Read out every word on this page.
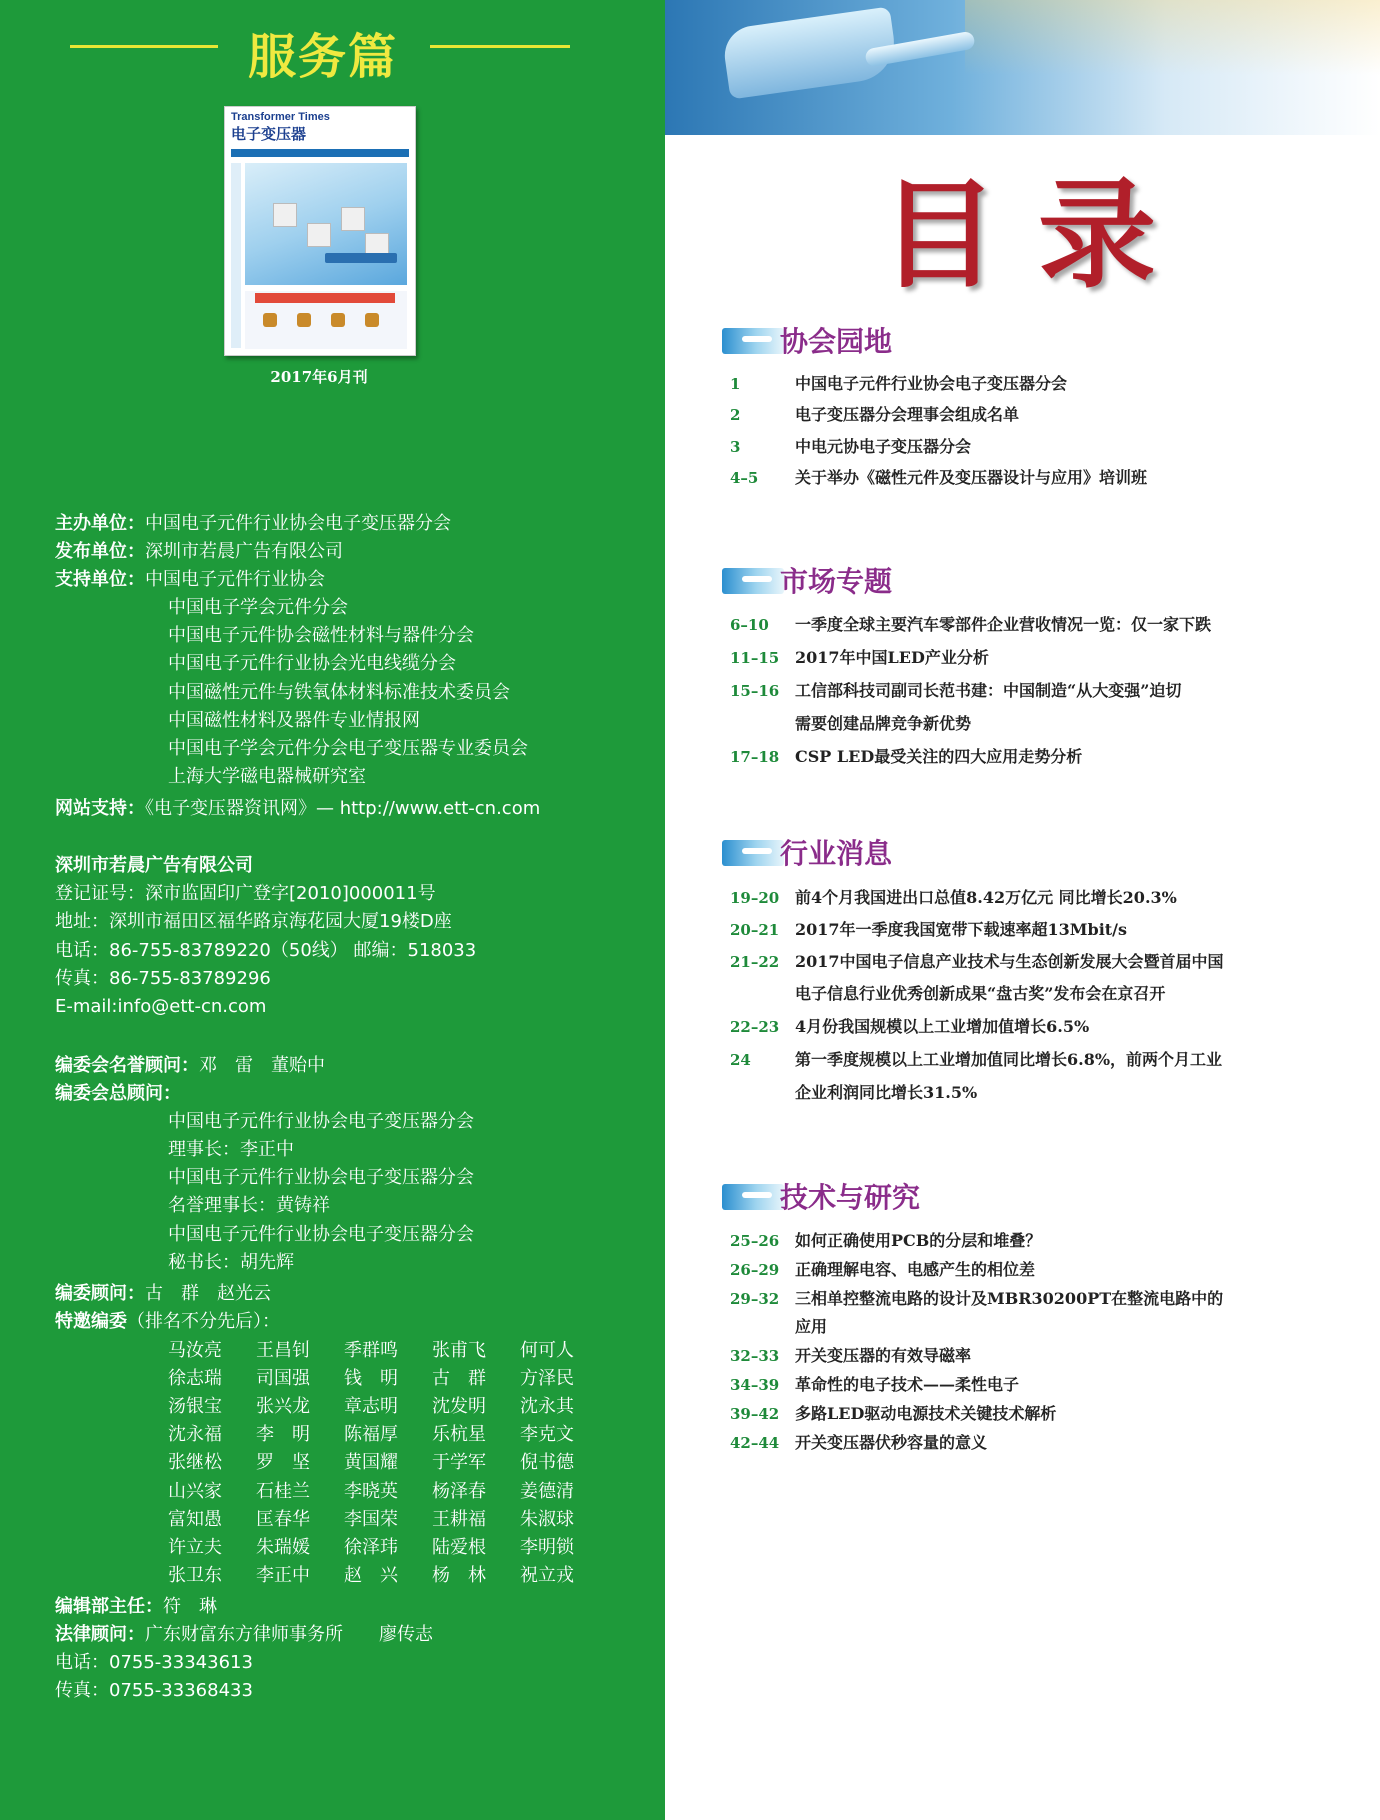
服务篇
Transformer Times
电子变压器
2017年6月刊
主办单位：中国电子元件行业协会电子变压器分会
发布单位：深圳市若晨广告有限公司
支持单位：中国电子元件行业协会
中国电子学会元件分会
中国电子元件协会磁性材料与器件分会
中国电子元件行业协会光电线缆分会
中国磁性元件与铁氧体材料标准技术委员会
中国磁性材料及器件专业情报网
中国电子学会元件分会电子变压器专业委员会
上海大学磁电器械研究室
网站支持：《电子变压器资讯网》— http://www.ett-cn.com
深圳市若晨广告有限公司
登记证号：深市监固印广登字[2010]000011号
地址：深圳市福田区福华路京海花园大厦19楼D座
电话：86-755-83789220（50线） 邮编：518033
传真：86-755-83789296
E-mail:info@ett-cn.com
编委会名誉顾问：邓　雷　董贻中
编委会总顾问：
中国电子元件行业协会电子变压器分会
理事长：李正中
中国电子元件行业协会电子变压器分会
名誉理事长：黄铸祥
中国电子元件行业协会电子变压器分会
秘书长：胡先辉
编委顾问：古　群　赵光云
特邀编委（排名不分先后）：
马汝亮 王昌钊 季群鸣 张甫飞 何可人
徐志瑞 司国强 钱　明 古　群 方泽民
汤银宝 张兴龙 章志明 沈发明 沈永其
沈永福 李　明 陈福厚 乐杭星 李克文
张继松 罗　坚 黄国耀 于学军 倪书德
山兴家 石桂兰 李晓英 杨泽春 姜德清
富知愚 匡春华 李国荣 王耕福 朱淑球
许立夫 朱瑞媛 徐泽玮 陆爱根 李明锁
张卫东 李正中 赵　兴 杨　林 祝立戎
编辑部主任：符　琳
法律顾问：广东财富东方律师事务所　　廖传志
电话：0755-33343613
传真：0755-33368433
目录
协会园地
1	中国电子元件行业协会电子变压器分会
2	电子变压器分会理事会组成名单
3	中电元协电子变压器分会
4–5	关于举办《磁性元件及变压器设计与应用》培训班
市场专题
6–10	一季度全球主要汽车零部件企业营收情况一览：仅一家下跌
11–15 2017年中国LED产业分析
15–16 工信部科技司副司长范书建：中国制造“从大变强”迫切
需要创建品牌竞争新优势
17–18 CSP LED最受关注的四大应用走势分析
行业消息
19–20 前4个月我国进出口总值8.42万亿元 同比增长20.3%
20–21 2017年一季度我国宽带下载速率超13Mbit/s
21–22 2017中国电子信息产业技术与生态创新发展大会暨首届中国
电子信息行业优秀创新成果“盘古奖”发布会在京召开
22–23 4月份我国规模以上工业增加值增长6.5%
24	第一季度规模以上工业增加值同比增长6.8%，前两个月工业
企业利润同比增长31.5%
技术与研究
25–26 如何正确使用PCB的分层和堆叠？
26–29 正确理解电容、电感产生的相位差
29–32 三相单控整流电路的设计及MBR30200PT在整流电路中的
应用
32–33 开关变压器的有效导磁率
34–39 革命性的电子技术——柔性电子
39–42 多路LED驱动电源技术关键技术解析
42–44 开关变压器伏秒容量的意义
